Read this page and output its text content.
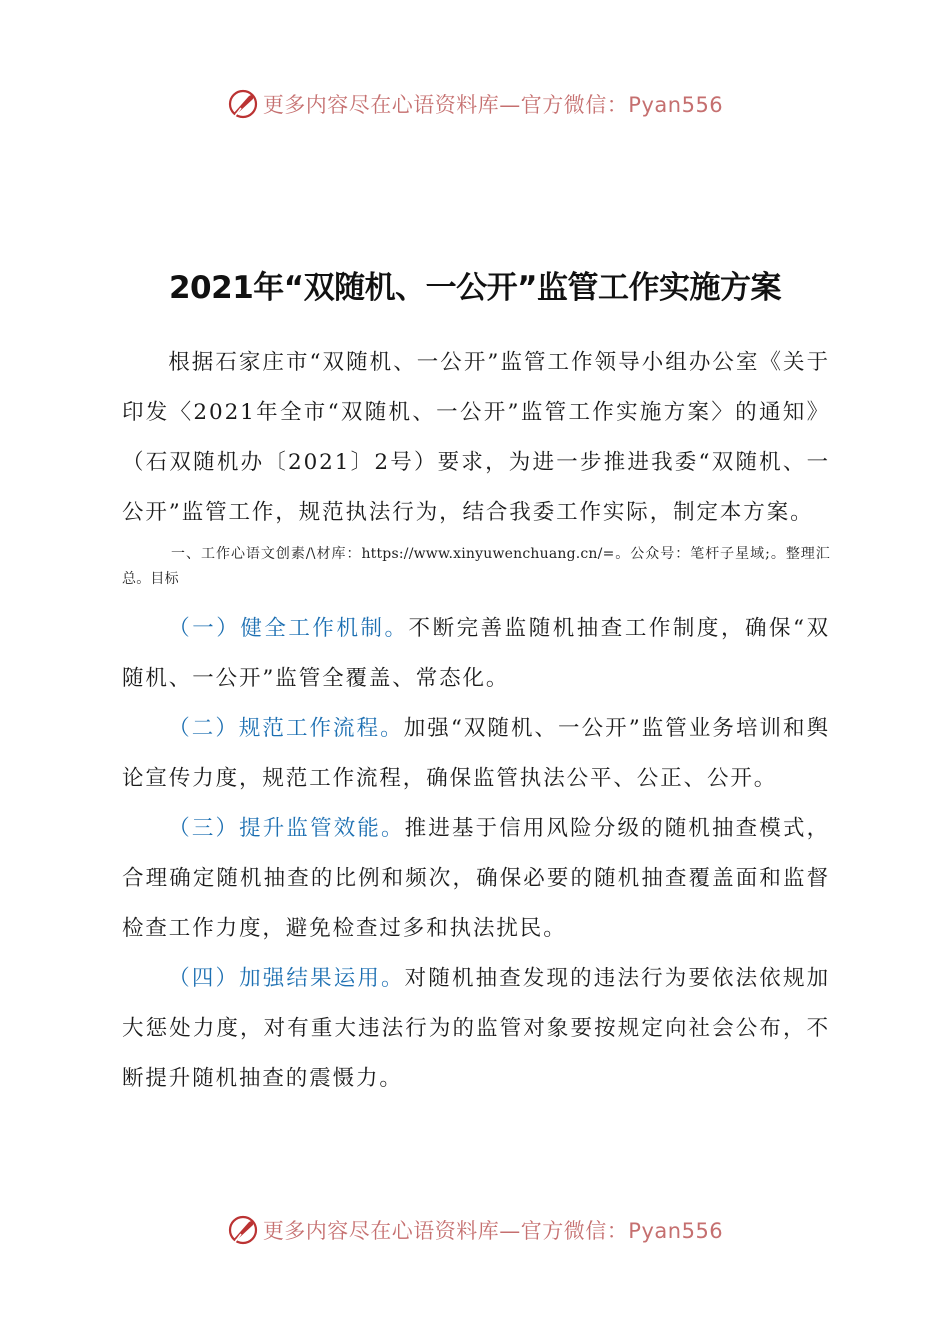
更多内容尽在心语资料库—官方微信：Pyan556
2021年“双随机、一公开”监管工作实施方案

根据石家庄市“双随机、一公开”监管工作领导小组办公室《关于印发〈2021年全市“双随机、一公开”监管工作实施方案〉的通知》（石双随机办〔2021〕2号）要求，为进一步推进我委“双随机、一公开”监管工作，规范执法行为，结合我委工作实际，制定本方案。

一、工作心语文创素/\材库：https://www.xinyuwenchuang.cn/=。公众号：笔杆子星域;。整理汇总。目标

（一）健全工作机制。不断完善监随机抽查工作制度，确保“双随机、一公开”监管全覆盖、常态化。

（二）规范工作流程。加强“双随机、一公开”监管业务培训和舆论宣传力度，规范工作流程，确保监管执法公平、公正、公开。

（三）提升监管效能。推进基于信用风险分级的随机抽查模式，合理确定随机抽查的比例和频次，确保必要的随机抽查覆盖面和监督检查工作力度，避免检查过多和执法扰民。

（四）加强结果运用。对随机抽查发现的违法行为要依法依规加大惩处力度，对有重大违法行为的监管对象要按规定向社会公布，不断提升随机抽查的震慑力。

更多内容尽在心语资料库—官方微信：Pyan556
